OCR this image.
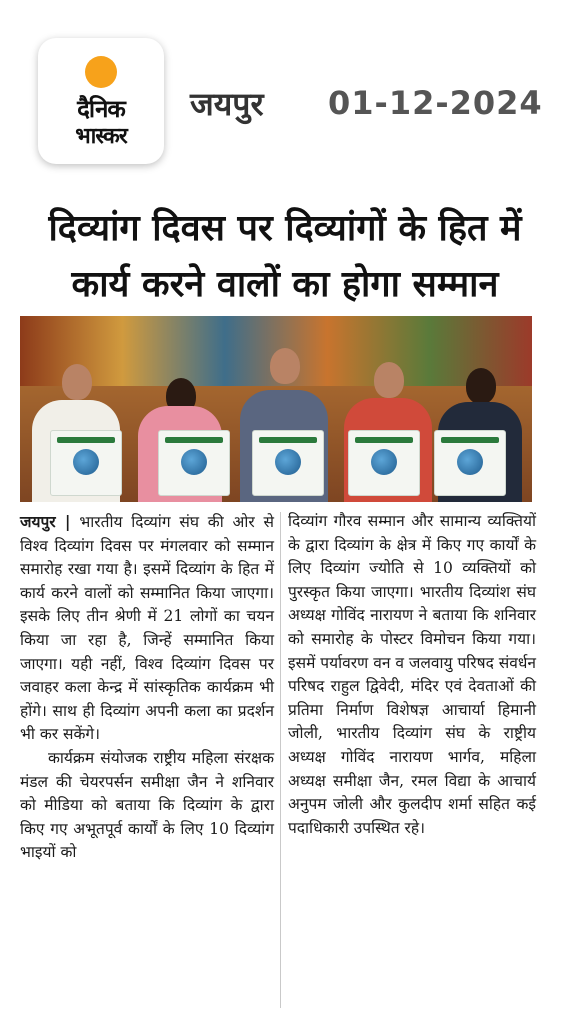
दैनिक
भास्कर
जयपुर 01-12-2024
दिव्यांग दिवस पर दिव्यांगों के हित में कार्य करने वालों का होगा सम्मान

जयपुर | भारतीय दिव्यांग संघ की ओर से विश्व दिव्यांग दिवस पर मंगलवार को सम्मान समारोह रखा गया है। इसमें दिव्यांग के हित में कार्य करने वालों को सम्मानित किया जाएगा। इसके लिए तीन श्रेणी में 21 लोगों का चयन किया जा रहा है, जिन्हें सम्मानित किया जाएगा। यही नहीं, विश्व दिव्यांग दिवस पर जवाहर कला केन्द्र में सांस्कृतिक कार्यक्रम भी होंगे। साथ ही दिव्यांग अपनी कला का प्रदर्शन भी कर सकेंगे।

कार्यक्रम संयोजक राष्ट्रीय महिला संरक्षक मंडल की चेयरपर्सन समीक्षा जैन ने शनिवार को मीडिया को बताया कि दिव्यांग के द्वारा किए गए अभूतपूर्व कार्यों के लिए 10 दिव्यांग भाइयों को

दिव्यांग गौरव सम्मान और सामान्य व्यक्तियों के द्वारा दिव्यांग के क्षेत्र में किए गए कार्यों के लिए दिव्यांग ज्योति से 10 व्यक्तियों को पुरस्कृत किया जाएगा। भारतीय दिव्यांश संघ अध्यक्ष गोविंद नारायण ने बताया कि शनिवार को समारोह के पोस्टर विमोचन किया गया। इसमें पर्यावरण वन व जलवायु परिषद संवर्धन परिषद राहुल द्विवेदी, मंदिर एवं देवताओं की प्रतिमा निर्माण विशेषज्ञ आचार्या हिमानी जोली, भारतीय दिव्यांग संघ के राष्ट्रीय अध्यक्ष गोविंद नारायण भार्गव, महिला अध्यक्ष समीक्षा जैन, रमल विद्या के आचार्य अनुपम जोली और कुलदीप शर्मा सहित कई पदाधिकारी उपस्थित रहे।
